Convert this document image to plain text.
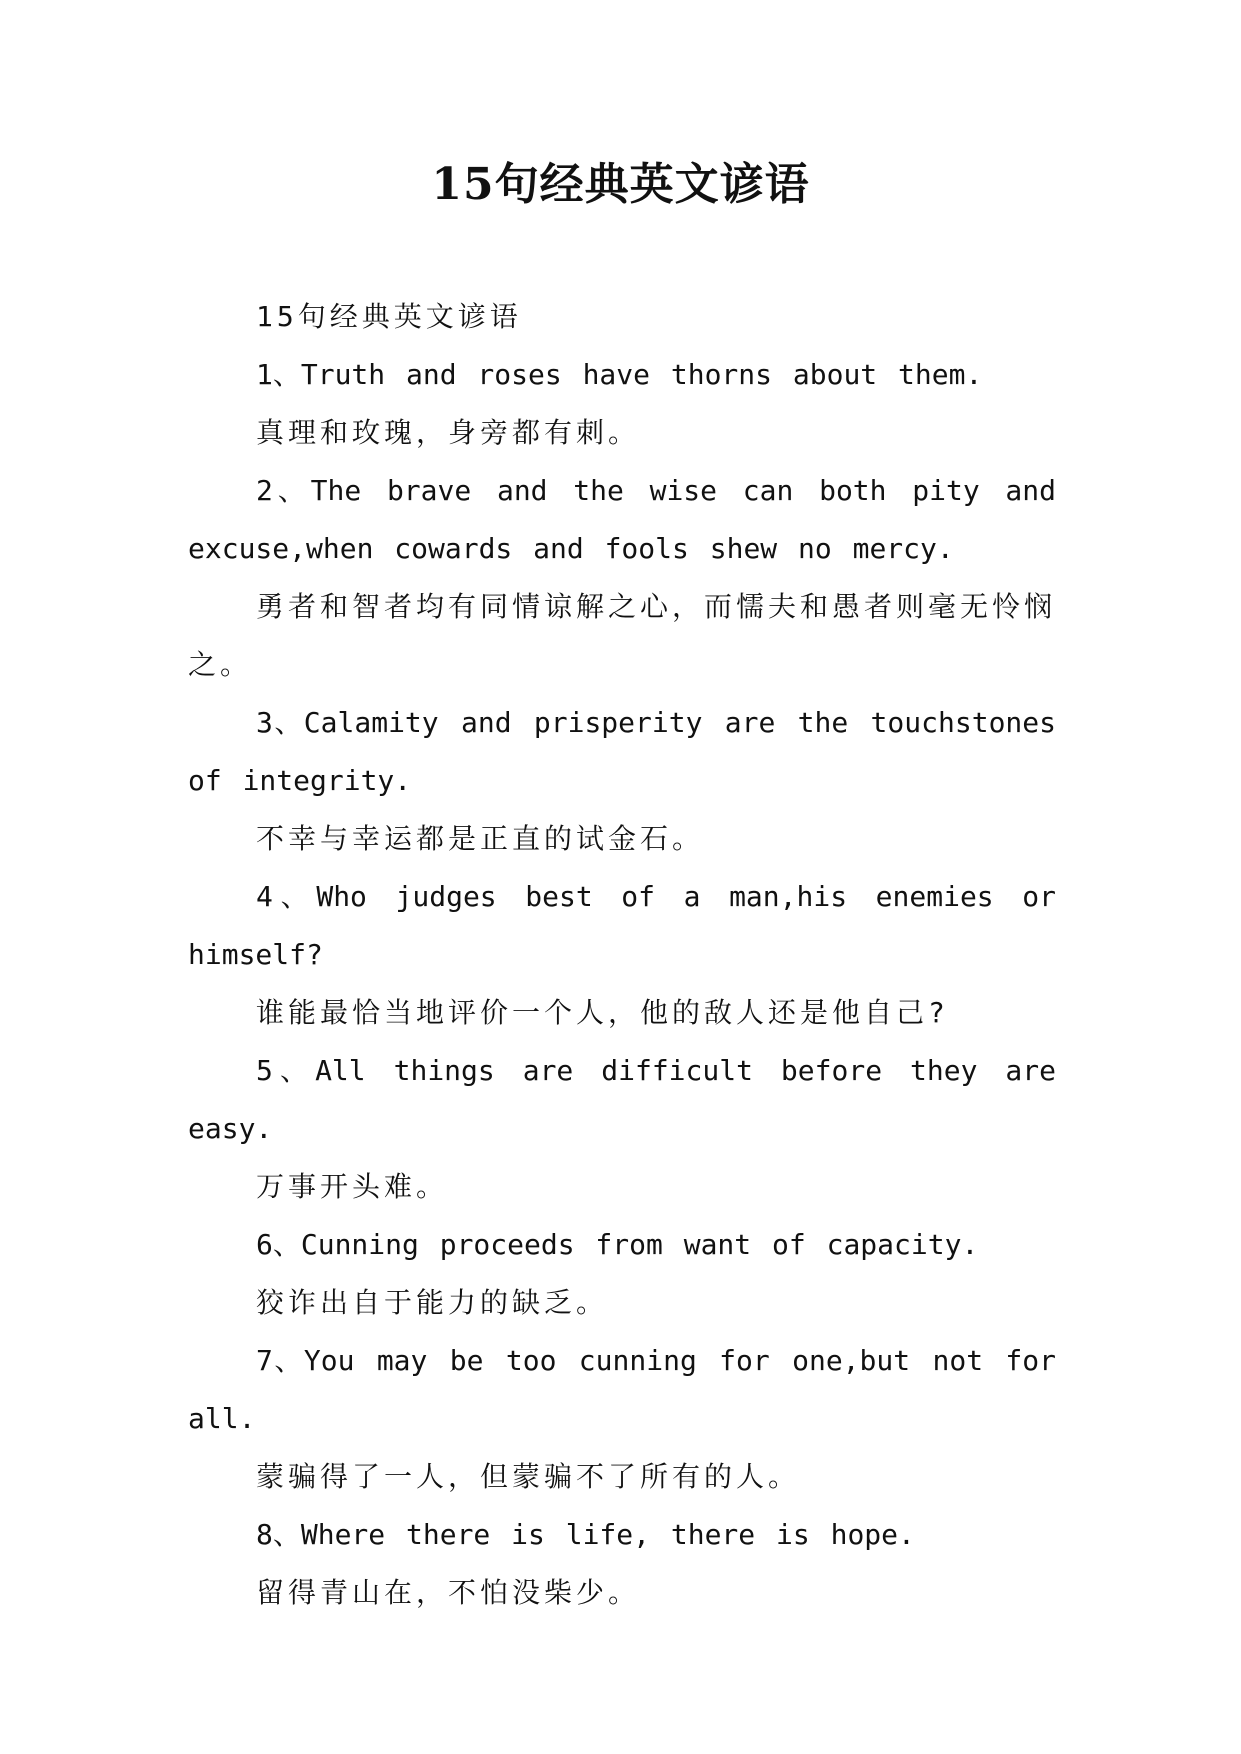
15句经典英文谚语

15句经典英文谚语

1、Truth and roses have thorns about them.

真理和玫瑰，身旁都有刺。

2、The brave and the wise can both pity and excuse,when cowards and fools shew no mercy.

勇者和智者均有同情谅解之心，而懦夫和愚者则毫无怜悯之。

3、Calamity and prisperity are the touchstones of integrity.

不幸与幸运都是正直的试金石。

4、Who judges best of a man,his enemies or himself?

谁能最恰当地评价一个人，他的敌人还是他自己?

5、All things are difficult before they are easy.

万事开头难。

6、Cunning proceeds from want of capacity.

狡诈出自于能力的缺乏。

7、You may be too cunning for one,but not for all.

蒙骗得了一人，但蒙骗不了所有的人。

8、Where there is life, there is hope.

留得青山在，不怕没柴少。
